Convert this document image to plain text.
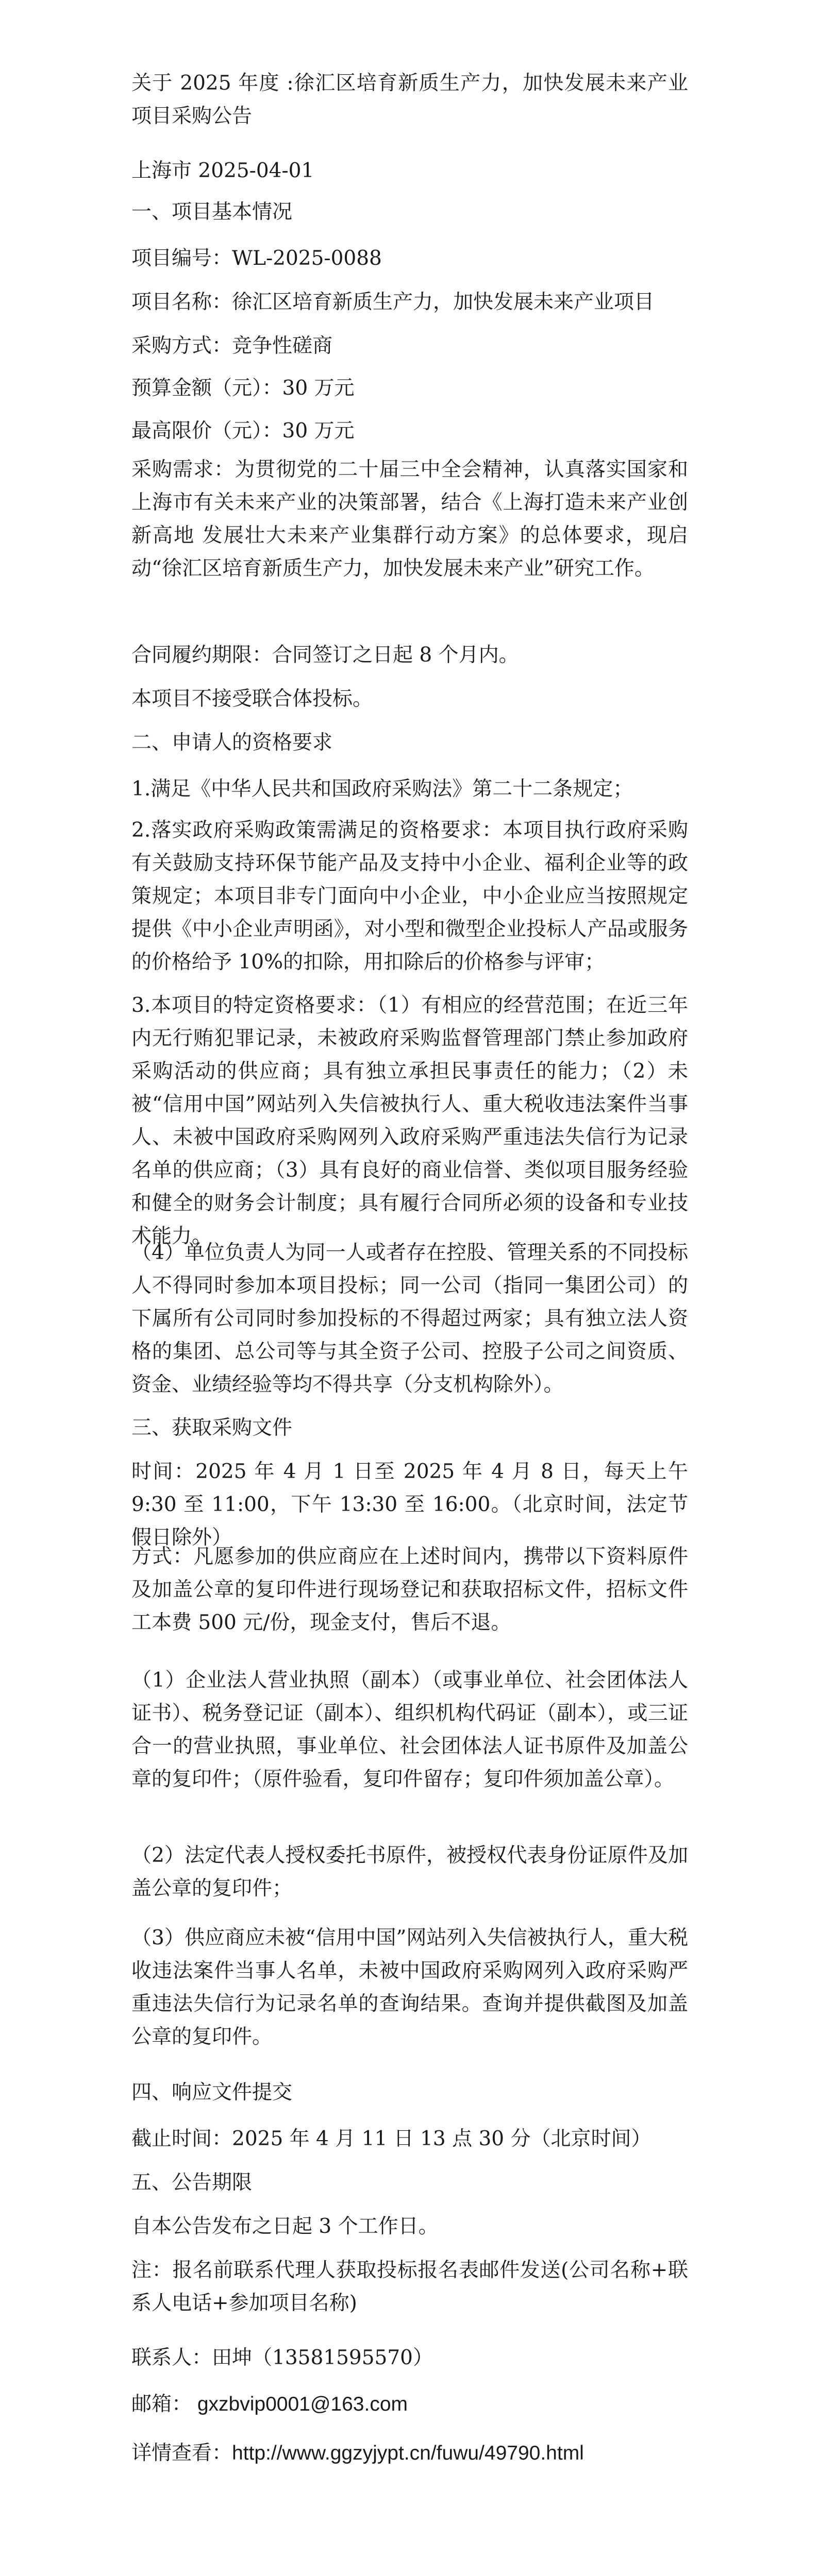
关于 2025 年度 :徐汇区培育新质生产力，加快发展未来产业项目采购公告
上海市 2025-04-01
一、项目基本情况
项目编号：WL-2025-0088
项目名称：徐汇区培育新质生产力，加快发展未来产业项目
采购方式：竞争性磋商
预算金额（元）：30 万元
最高限价（元）：30 万元
采购需求：为贯彻党的二十届三中全会精神，认真落实国家和上海市有关未来产业的决策部署，结合《上海打造未来产业创新高地 发展壮大未来产业集群行动方案》的总体要求，现启动“徐汇区培育新质生产力，加快发展未来产业”研究工作。
合同履约期限：合同签订之日起 8 个月内。
本项目不接受联合体投标。
二、申请人的资格要求
1.满足《中华人民共和国政府采购法》第二十二条规定；
2.落实政府采购政策需满足的资格要求：本项目执行政府采购有关鼓励支持环保节能产品及支持中小企业、福利企业等的政策规定；本项目非专门面向中小企业，中小企业应当按照规定提供《中小企业声明函》，对小型和微型企业投标人产品或服务的价格给予 10%的扣除，用扣除后的价格参与评审；
3.本项目的特定资格要求：（1）有相应的经营范围；在近三年内无行贿犯罪记录，未被政府采购监督管理部门禁止参加政府采购活动的供应商；具有独立承担民事责任的能力；（2）未被“信用中国”网站列入失信被执行人、重大税收违法案件当事人、未被中国政府采购网列入政府采购严重违法失信行为记录名单的供应商；（3）具有良好的商业信誉、类似项目服务经验和健全的财务会计制度；具有履行合同所必须的设备和专业技术能力。
（4）单位负责人为同一人或者存在控股、管理关系的不同投标人不得同时参加本项目投标；同一公司（指同一集团公司）的下属所有公司同时参加投标的不得超过两家；具有独立法人资格的集团、总公司等与其全资子公司、控股子公司之间资质、资金、业绩经验等均不得共享（分支机构除外）。
三、获取采购文件
时间：2025 年 4 月 1 日至 2025 年 4 月 8 日，每天上午 9:30 至 11:00，下午 13:30 至 16:00。（北京时间，法定节假日除外）
方式：凡愿参加的供应商应在上述时间内，携带以下资料原件及加盖公章的复印件进行现场登记和获取招标文件，招标文件工本费 500 元/份，现金支付，售后不退。
（1）企业法人营业执照（副本）（或事业单位、社会团体法人证书）、税务登记证（副本）、组织机构代码证（副本），或三证合一的营业执照，事业单位、社会团体法人证书原件及加盖公章的复印件；（原件验看，复印件留存；复印件须加盖公章）。
（2）法定代表人授权委托书原件，被授权代表身份证原件及加盖公章的复印件；
（3）供应商应未被“信用中国”网站列入失信被执行人，重大税收违法案件当事人名单，未被中国政府采购网列入政府采购严重违法失信行为记录名单的查询结果。查询并提供截图及加盖公章的复印件。
四、响应文件提交
截止时间：2025 年 4 月 11 日 13 点 30 分（北京时间）
五、公告期限
自本公告发布之日起 3 个工作日。
注：报名前联系代理人获取投标报名表邮件发送(公司名称+联系人电话+参加项目名称)
联系人：田坤（13581595570）
邮箱： gxzbvip0001@163.com
详情查看：http://www.ggzyjypt.cn/fuwu/49790.html
